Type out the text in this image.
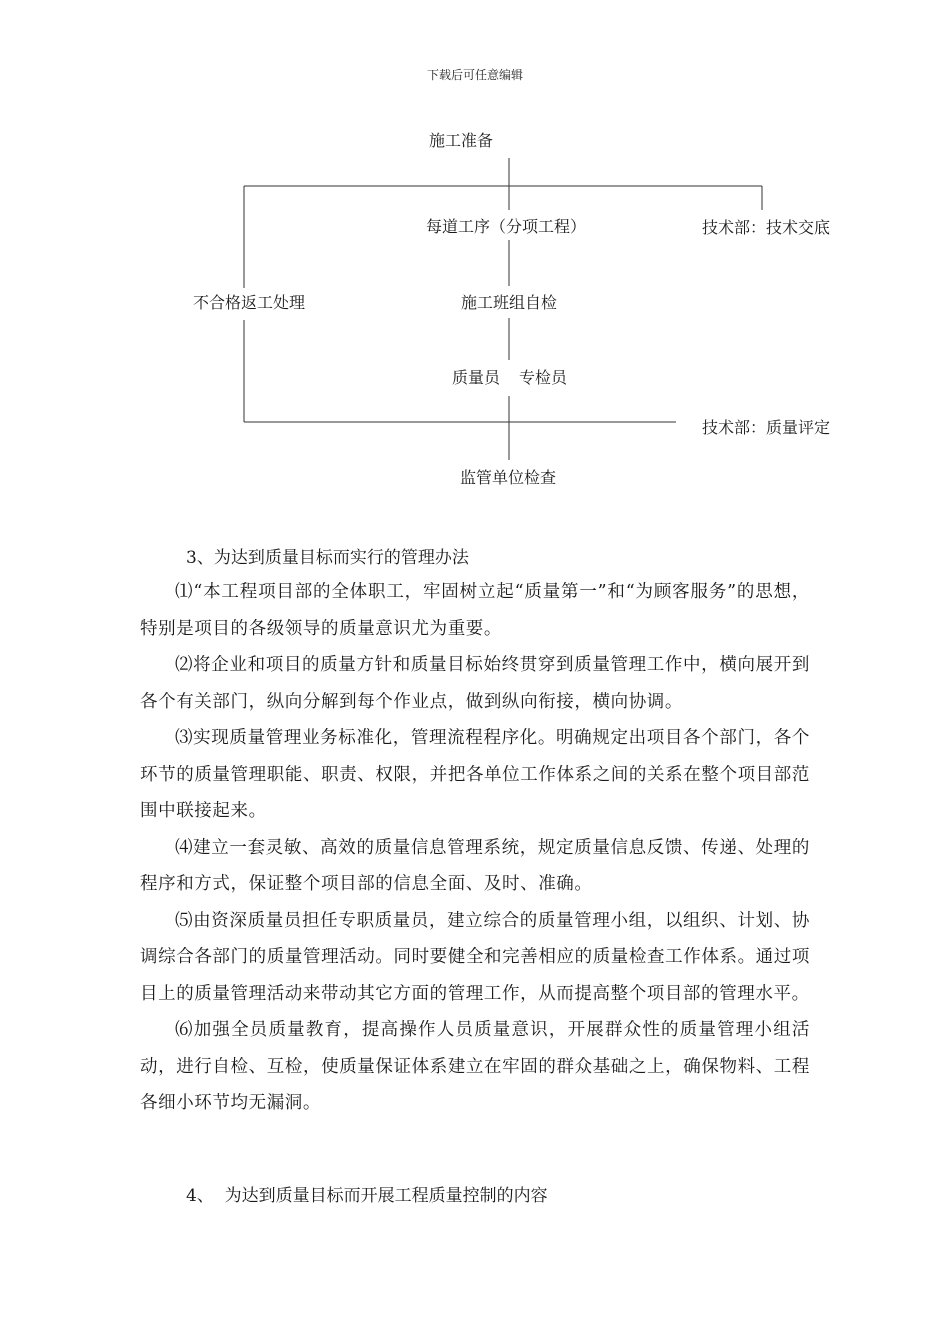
下载后可任意编辑
施工准备
每道工序（分项工程）	技术部：技术交底
不合格返工处理	施工班组自检
质量员 专检员
技术部：质量评定
监管单位检查
3、为达到质量目标而实行的管理办法

⑴“本工程项目部的全体职工，牢固树立起“质量第一”和“为顾客服务”的思想，特别是项目的各级领导的质量意识尤为重要。

⑵将企业和项目的质量方针和质量目标始终贯穿到质量管理工作中，横向展开到各个有关部门，纵向分解到每个作业点，做到纵向衔接，横向协调。

⑶实现质量管理业务标准化，管理流程程序化。明确规定出项目各个部门，各个环节的质量管理职能、职责、权限，并把各单位工作体系之间的关系在整个项目部范围中联接起来。

⑷建立一套灵敏、高效的质量信息管理系统，规定质量信息反馈、传递、处理的程序和方式，保证整个项目部的信息全面、及时、准确。

⑸由资深质量员担任专职质量员，建立综合的质量管理小组，以组织、计划、协调综合各部门的质量管理活动。同时要健全和完善相应的质量检查工作体系。通过项目上的质量管理活动来带动其它方面的管理工作，从而提高整个项目部的管理水平。

⑹加强全员质量教育，提高操作人员质量意识，开展群众性的质量管理小组活动，进行自检、互检，使质量保证体系建立在牢固的群众基础之上，确保物料、工程各细小环节均无漏洞。

4、  为达到质量目标而开展工程质量控制的内容
